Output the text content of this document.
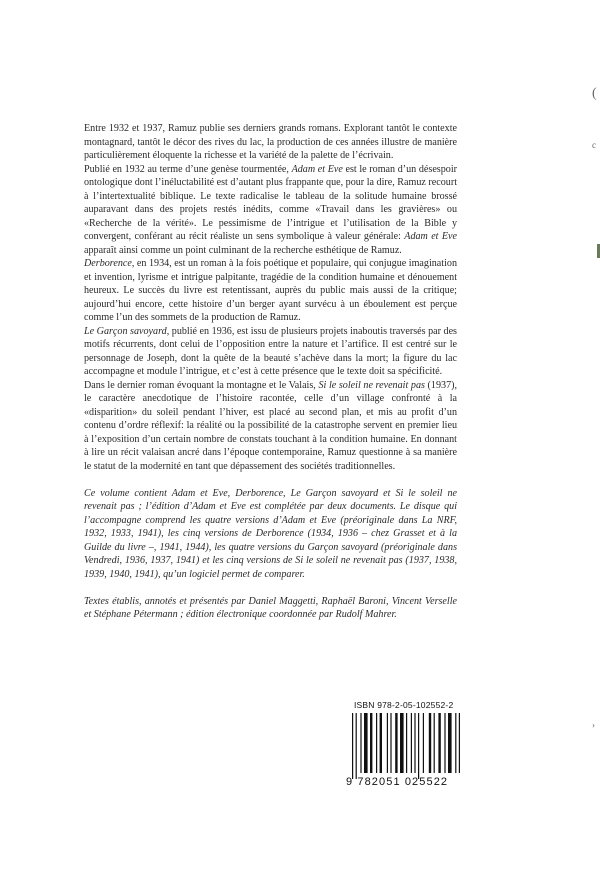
Entre 1932 et 1937, Ramuz publie ses derniers grands romans. Explorant tantôt le contexte montagnard, tantôt le décor des rives du lac, la production de ces années illustre de manière particulièrement éloquente la richesse et la variété de la palette de l’écrivain.

Publié en 1932 au terme d’une genèse tourmentée, Adam et Eve est le roman d’un désespoir ontologique dont l’inéluctabilité est d’autant plus frappante que, pour la dire, Ramuz recourt à l’intertextualité biblique. Le texte radicalise le tableau de la solitude humaine brossé auparavant dans des projets restés inédits, comme «Travail dans les gravières» ou «Recherche de la vérité». Le pessimisme de l’intrigue et l’utilisation de la Bible y convergent, conférant au récit réaliste un sens symbolique à valeur générale: Adam et Eve apparaît ainsi comme un point culminant de la recherche esthétique de Ramuz.

Derborence, en 1934, est un roman à la fois poétique et populaire, qui conjugue imagination et invention, lyrisme et intrigue palpitante, tragédie de la condition humaine et dénouement heureux. Le succès du livre est retentissant, auprès du public mais aussi de la critique; aujourd’hui encore, cette histoire d’un berger ayant survécu à un éboulement est perçue comme l’un des sommets de la production de Ramuz.

Le Garçon savoyard, publié en 1936, est issu de plusieurs projets inaboutis traversés par des motifs récurrents, dont celui de l’opposition entre la nature et l’artifice. Il est centré sur le personnage de Joseph, dont la quête de la beauté s’achève dans la mort; la figure du lac accompagne et module l’intrigue, et c’est à cette présence que le texte doit sa spécificité.

Dans le dernier roman évoquant la montagne et le Valais, Si le soleil ne revenait pas (1937), le caractère anecdotique de l’histoire racontée, celle d’un village confronté à la «disparition» du soleil pendant l’hiver, est placé au second plan, et mis au profit d’un contenu d’ordre réflexif: la réalité ou la possibilité de la catastrophe servent en premier lieu à l’exposition d’un certain nombre de constats touchant à la condition humaine. En donnant à lire un récit valaisan ancré dans l’époque contemporaine, Ramuz questionne à sa manière le statut de la modernité en tant que dépassement des sociétés traditionnelles.

Ce volume contient Adam et Eve, Derborence, Le Garçon savoyard et Si le soleil ne revenait pas ; l’édition d’Adam et Eve est complétée par deux documents. Le disque qui l’accompagne comprend les quatre versions d’Adam et Eve (préoriginale dans La NRF, 1932, 1933, 1941), les cinq versions de Derborence (1934, 1936 – chez Grasset et à la Guilde du livre –, 1941, 1944), les quatre versions du Garçon savoyard (préoriginale dans Vendredi, 1936, 1937, 1941) et les cinq versions de Si le soleil ne revenait pas (1937, 1938, 1939, 1940, 1941), qu’un logiciel permet de comparer.

Textes établis, annotés et présentés par Daniel Maggetti, Raphaël Baroni, Vincent Verselle et Stéphane Pétermann ; édition électronique coordonnée par Rudolf Mahrer.

ISBN 978-2-05-102552-2
9 782051 025522
(
c
›
